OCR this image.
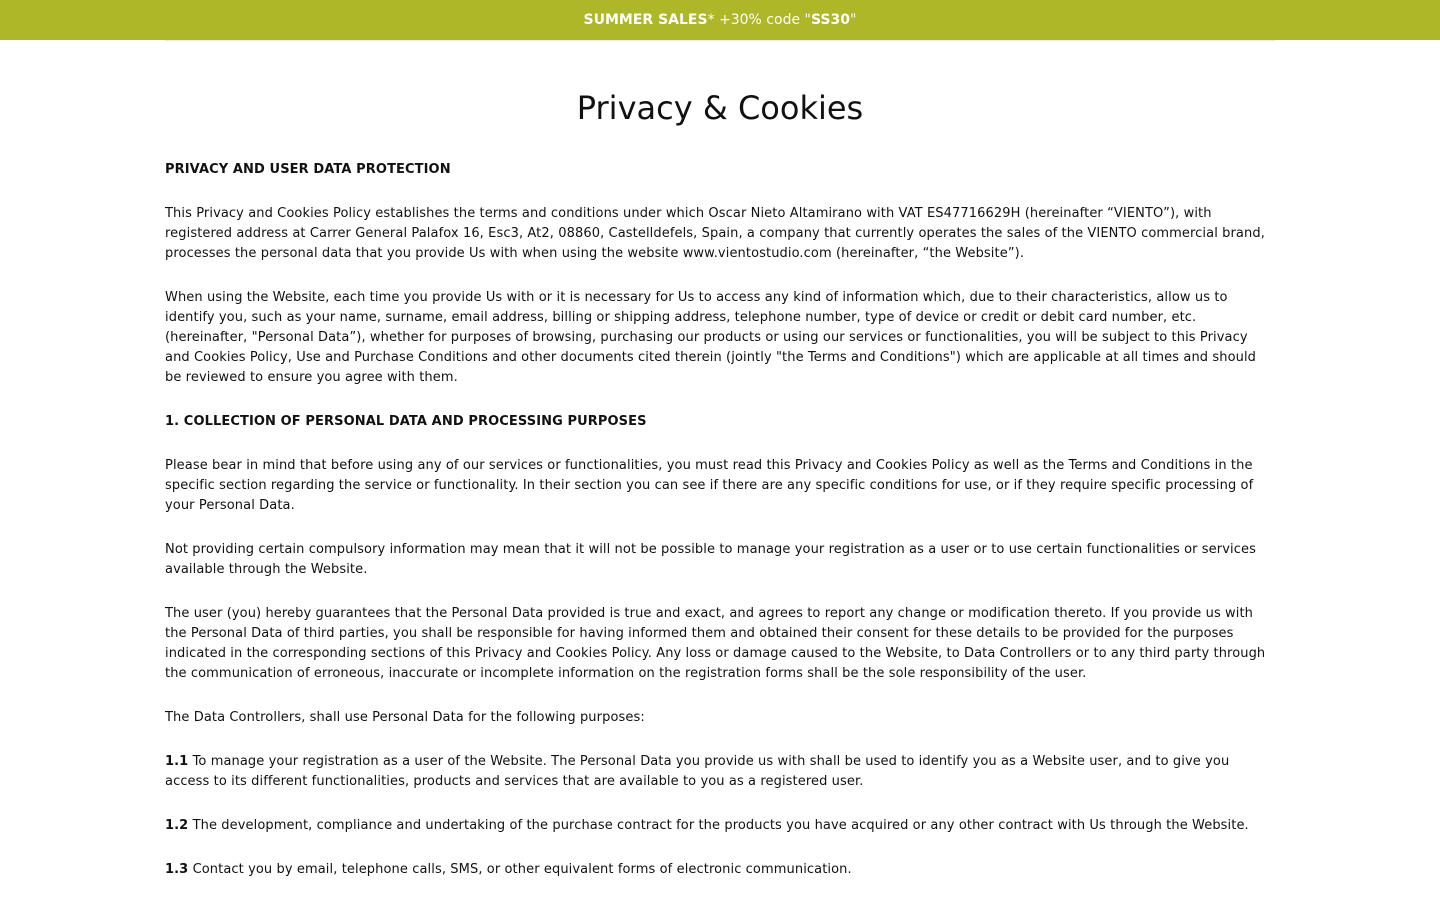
SUMMER SALES * +30% code " SS30 "
Privacy & Cookies

PRIVACY AND USER DATA PROTECTION

This Privacy and Cookies Policy establishes the terms and conditions under which Oscar Nieto Altamirano with VAT ES47716629H (hereinafter “VIENTO”), with registered address at Carrer General Palafox 16, Esc3, At2, 08860, Castelldefels, Spain, a company that currently operates the sales of the VIENTO commercial brand, processes the personal data that you provide Us with when using the website www.vientostudio.com (hereinafter, “the Website”).

When using the Website, each time you provide Us with or it is necessary for Us to access any kind of information which, due to their characteristics, allow us to identify you, such as your name, surname, email address, billing or shipping address, telephone number, type of device or credit or debit card number, etc. (hereinafter, "Personal Data”), whether for purposes of browsing, purchasing our products or using our services or functionalities, you will be subject to this Privacy and Cookies Policy, Use and Purchase Conditions and other documents cited therein (jointly "the Terms and Conditions") which are applicable at all times and should be reviewed to ensure you agree with them.

1. COLLECTION OF PERSONAL DATA AND PROCESSING PURPOSES

Please bear in mind that before using any of our services or functionalities, you must read this Privacy and Cookies Policy as well as the Terms and Conditions in the specific section regarding the service or functionality. In their section you can see if there are any specific conditions for use, or if they require specific processing of your Personal Data.

Not providing certain compulsory information may mean that it will not be possible to manage your registration as a user or to use certain functionalities or services available through the Website.

The user (you) hereby guarantees that the Personal Data provided is true and exact, and agrees to report any change or modification thereto. If you provide us with the Personal Data of third parties, you shall be responsible for having informed them and obtained their consent for these details to be provided for the purposes indicated in the corresponding sections of this Privacy and Cookies Policy. Any loss or damage caused to the Website, to Data Controllers or to any third party through the communication of erroneous, inaccurate or incomplete information on the registration forms shall be the sole responsibility of the user.

The Data Controllers, shall use Personal Data for the following purposes:

1.1 To manage your registration as a user of the Website. The Personal Data you provide us with shall be used to identify you as a Website user, and to give you access to its different functionalities, products and services that are available to you as a registered user.

1.2 The development, compliance and undertaking of the purchase contract for the products you have acquired or any other contract with Us through the Website.

1.3 Contact you by email, telephone calls, SMS, or other equivalent forms of electronic communication.
